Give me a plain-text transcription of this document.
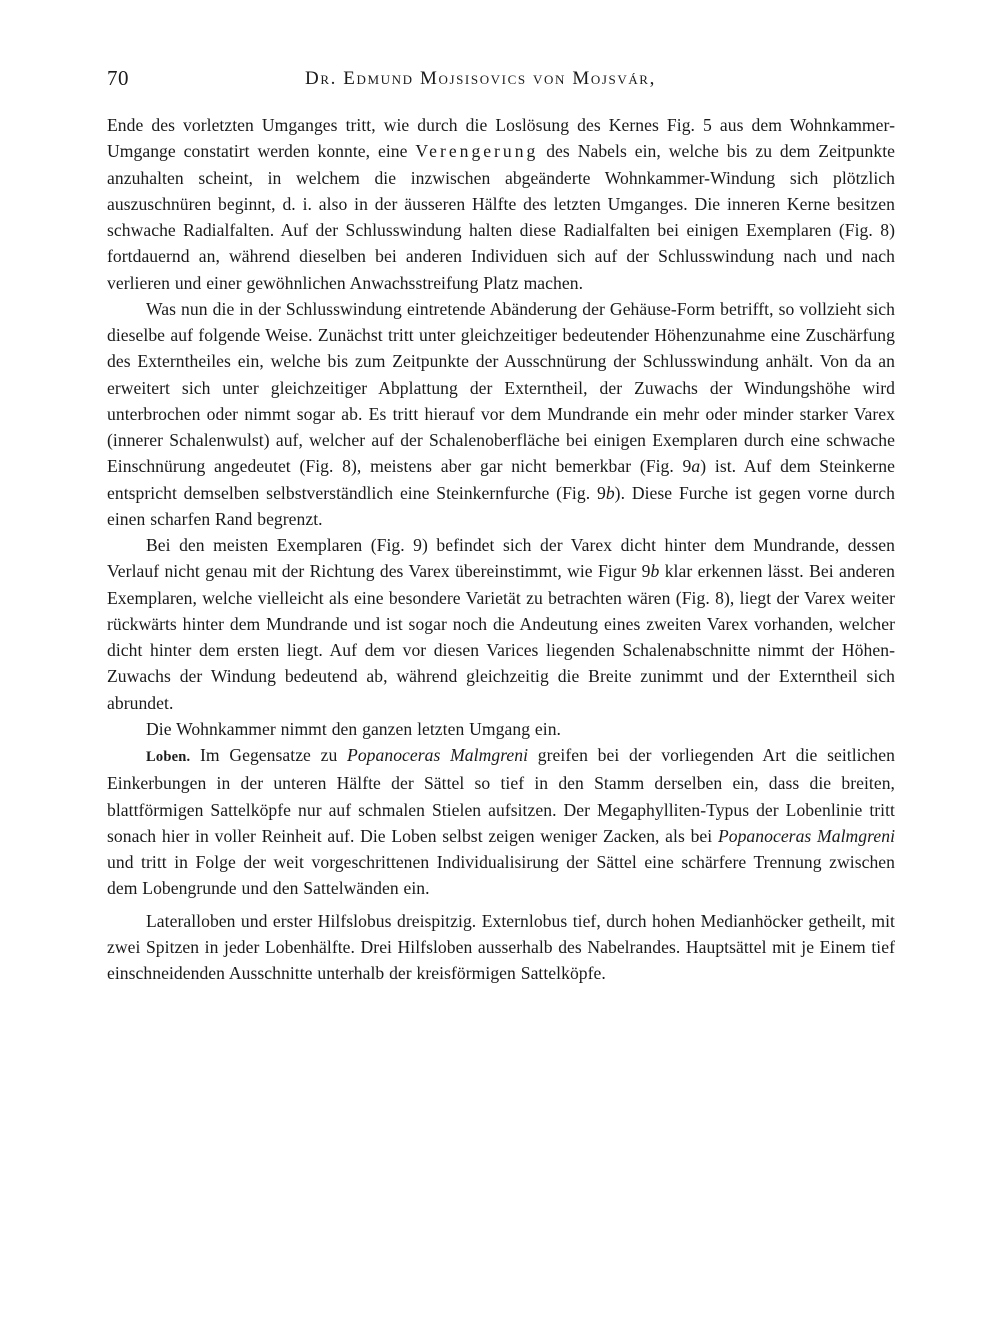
70	Dr. Edmund Mojsisovics von Mojsvár,

Ende des vorletzten Umganges tritt, wie durch die Loslösung des Kernes Fig. 5 aus dem Wohnkammer-Umgange constatirt werden konnte, eine Verengerung des Nabels ein, welche bis zu dem Zeitpunkte anzuhalten scheint, in welchem die inzwischen abgeänderte Wohnkammer-Windung sich plötzlich auszuschnüren beginnt, d. i. also in der äusseren Hälfte des letzten Umganges. Die inneren Kerne besitzen schwache Radialfalten. Auf der Schlusswindung halten diese Radialfalten bei einigen Exemplaren (Fig. 8) fortdauernd an, während dieselben bei anderen Individuen sich auf der Schlusswindung nach und nach verlieren und einer gewöhnlichen Anwachsstreifung Platz machen.

Was nun die in der Schlusswindung eintretende Abänderung der Gehäuse-Form betrifft, so vollzieht sich dieselbe auf folgende Weise. Zunächst tritt unter gleichzeitiger bedeutender Höhenzunahme eine Zuschärfung des Externtheiles ein, welche bis zum Zeitpunkte der Ausschnürung der Schlusswindung anhält. Von da an erweitert sich unter gleichzeitiger Abplattung der Externtheil, der Zuwachs der Windungshöhe wird unterbrochen oder nimmt sogar ab. Es tritt hierauf vor dem Mundrande ein mehr oder minder starker Varex (innerer Schalenwulst) auf, welcher auf der Schalenoberfläche bei einigen Exemplaren durch eine schwache Einschnürung angedeutet (Fig. 8), meistens aber gar nicht bemerkbar (Fig. 9a) ist. Auf dem Steinkerne entspricht demselben selbstverständlich eine Steinkernfurche (Fig. 9b). Diese Furche ist gegen vorne durch einen scharfen Rand begrenzt.

Bei den meisten Exemplaren (Fig. 9) befindet sich der Varex dicht hinter dem Mundrande, dessen Verlauf nicht genau mit der Richtung des Varex übereinstimmt, wie Figur 9b klar erkennen lässt. Bei anderen Exemplaren, welche vielleicht als eine besondere Varietät zu betrachten wären (Fig. 8), liegt der Varex weiter rückwärts hinter dem Mundrande und ist sogar noch die Andeutung eines zweiten Varex vorhanden, welcher dicht hinter dem ersten liegt. Auf dem vor diesen Varices liegenden Schalenabschnitte nimmt der Höhen-Zuwachs der Windung bedeutend ab, während gleichzeitig die Breite zunimmt und der Externtheil sich abrundet.

Die Wohnkammer nimmt den ganzen letzten Umgang ein.

Loben. Im Gegensatze zu Popanoceras Malmgreni greifen bei der vorliegenden Art die seitlichen Einkerbungen in der unteren Hälfte der Sättel so tief in den Stamm derselben ein, dass die breiten, blattförmigen Sattelköpfe nur auf schmalen Stielen aufsitzen. Der Megaphylliten-Typus der Lobenlinie tritt sonach hier in voller Reinheit auf. Die Loben selbst zeigen weniger Zacken, als bei Popanoceras Malmgreni und tritt in Folge der weit vorgeschrittenen Individualisirung der Sättel eine schärfere Trennung zwischen dem Lobengrunde und den Sattelwänden ein.

Lateralloben und erster Hilfslobus dreispitzig. Externlobus tief, durch hohen Medianhöcker getheilt, mit zwei Spitzen in jeder Lobenhälfte. Drei Hilfsloben ausserhalb des Nabelrandes. Hauptsättel mit je Einem tief einschneidenden Ausschnitte unterhalb der kreisförmigen Sattelköpfe.
